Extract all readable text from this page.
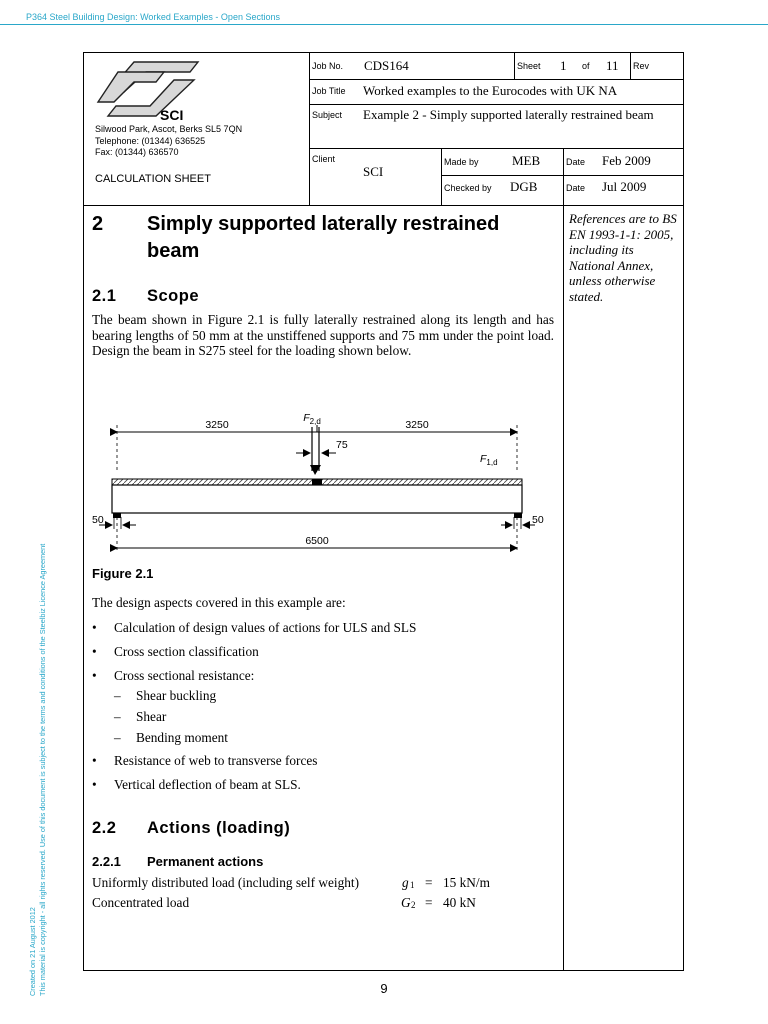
P364 Steel Building Design: Worked Examples - Open Sections
Created on 21 August 2012 This material is copyright - all rights reserved. Use of this document is subject to the terms and conditions of the Steelbiz Licence Agreement
SCI
Silwood Park, Ascot, Berks SL5 7QN
Telephone: (01344) 636525
Fax: (01344) 636570
CALCULATION SHEET
Job No. CDS164	Sheet 1 of 11 Rev
Job Title Worked examples to the Eurocodes with UK NA
Subject Example 2 - Simply supported laterally restrained beam
Client
SCI
Made by	MEB	Date Feb 2009
Checked by DGB	Date Jul 2009
References are to BS EN 1993-1-1: 2005, including its National Annex, unless otherwise stated.
2 Simply supported laterally restrained beam
2.1 Scope
The beam shown in Figure 2.1 is fully laterally restrained along its length and has bearing lengths of 50 mm at the unstiffened supports and 75 mm under the point load. Design the beam in S275 steel for the loading shown below.
3250	3250
$F_{2,d}$
75
$F_{1,d}$
50	50
6500
Figure 2.1
The design aspects covered in this example are:
• Calculation of design values of actions for ULS and SLS
• Cross section classification
• Cross sectional resistance:
– Shear buckling
– Shear
– Bending moment
• Resistance of web to transverse forces
• Vertical deflection of beam at SLS.
2.2 Actions (loading)
2.2.1 Permanent actions
Uniformly distributed load (including self weight)	g 1 = 15 kN/m
Concentrated load	G 2 = 40 kN
9
